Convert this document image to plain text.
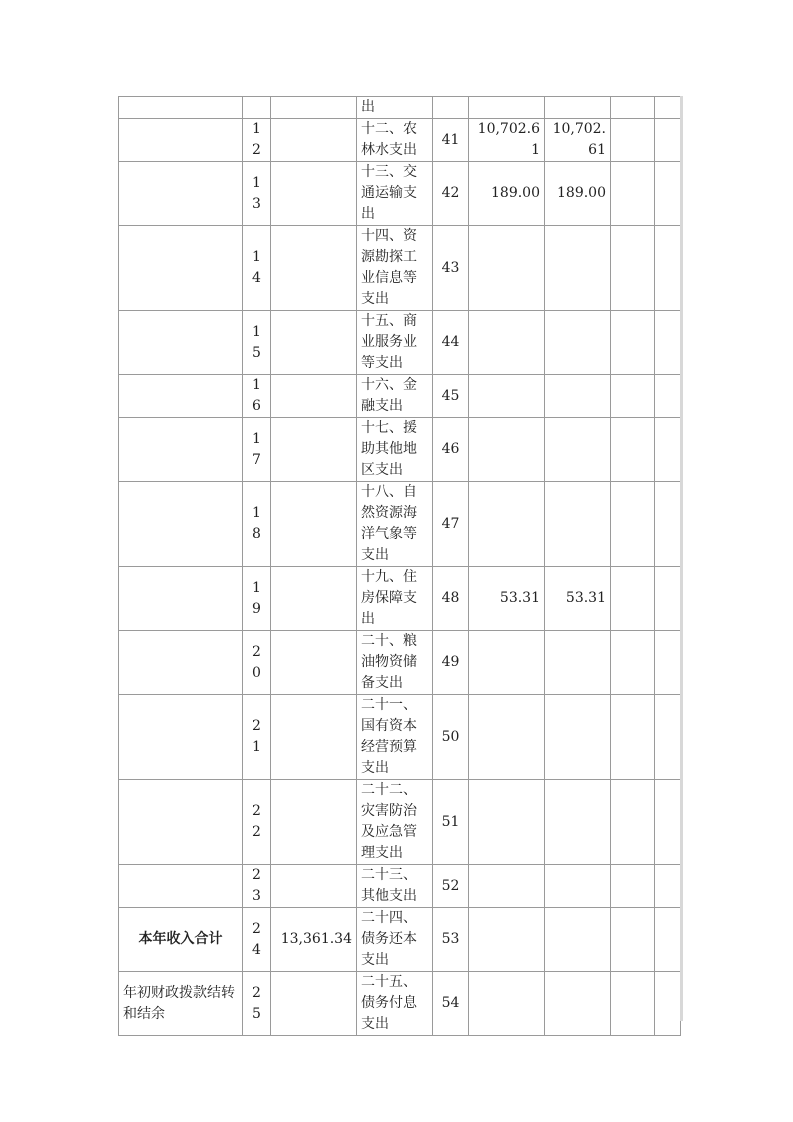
			出					

	12		十二、农林水支出	41	10,702.61	10,702.61		

	13		十三、交通运输支出	42	189.00	189.00		

	14		十四、资源勘探工业信息等支出	43				

	15		十五、商业服务业等支出	44				

	16		十六、金融支出	45				

	17		十七、援助其他地区支出	46				

	18		十八、自然资源海洋气象等支出	47				

	19		十九、住房保障支出	48	53.31	53.31		

	20		二十、粮油物资储备支出	49				

	21		二十一、国有资本经营预算支出	50				

	22		二十二、灾害防治及应急管理支出	51				

	23		二十三、其他支出	52				
本年收入合计	24	13,361.34	二十四、债务还本支出	53				
年初财政拨款结转和结余	25		二十五、债务付息支出	54				
